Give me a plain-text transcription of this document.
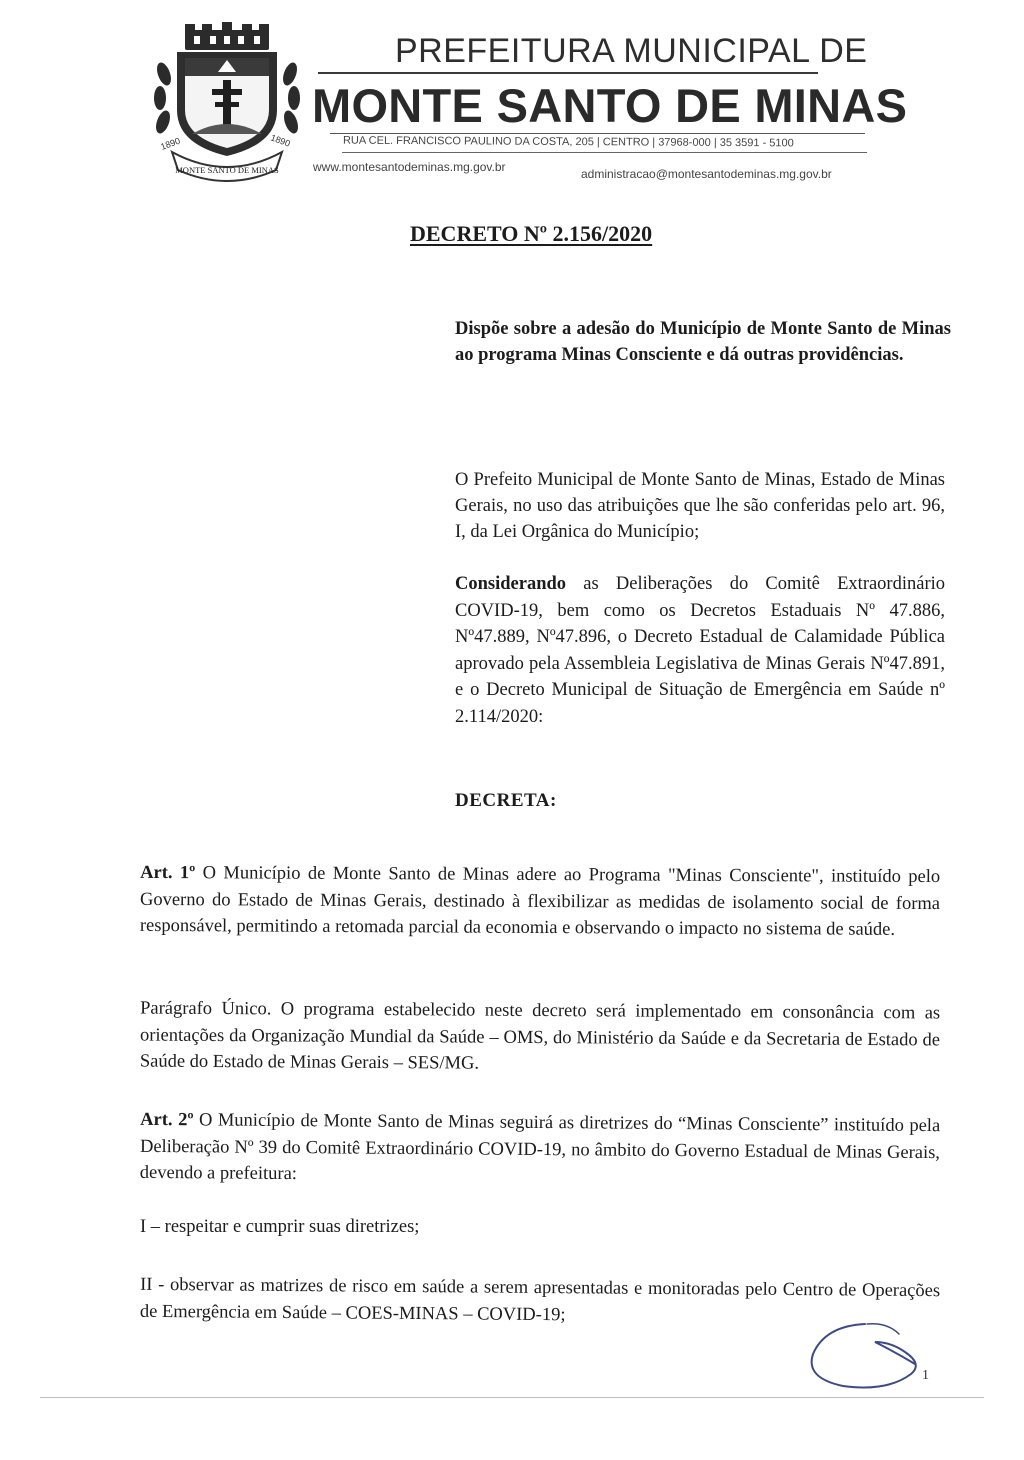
1890	1890
MONTE SANTO DE MINAS
PREFEITURA MUNICIPAL DE
MONTE SANTO DE MINAS
RUA CEL. FRANCISCO PAULINO DA COSTA, 205 | CENTRO | 37968-000 | 35 3591 - 5100
www.montesantodeminas.mg.gov.br	administracao@montesantodeminas.mg.gov.br
DECRETO Nº 2.156/2020
Dispõe sobre a adesão do Município de Monte Santo de Minas ao programa Minas Consciente e dá outras providências.

O Prefeito Municipal de Monte Santo de Minas, Estado de Minas Gerais, no uso das atribuições que lhe são conferidas pelo art. 96, I, da Lei Orgânica do Município;

Considerando as Deliberações do Comitê Extraordinário COVID-19, bem como os Decretos Estaduais Nº 47.886, Nº47.889, Nº47.896, o Decreto Estadual de Calamidade Pública aprovado pela Assembleia Legislativa de Minas Gerais Nº47.891, e o Decreto Municipal de Situação de Emergência em Saúde nº 2.114/2020:

DECRETA:

Art. 1º O Município de Monte Santo de Minas adere ao Programa "Minas Consciente", instituído pelo Governo do Estado de Minas Gerais, destinado à flexibilizar as medidas de isolamento social de forma responsável, permitindo a retomada parcial da economia e observando o impacto no sistema de saúde.

Parágrafo Único. O programa estabelecido neste decreto será implementado em consonância com as orientações da Organização Mundial da Saúde – OMS, do Ministério da Saúde e da Secretaria de Estado de Saúde do Estado de Minas Gerais – SES/MG.

Art. 2º O Município de Monte Santo de Minas seguirá as diretrizes do “Minas Consciente” instituído pela Deliberação Nº 39 do Comitê Extraordinário COVID-19, no âmbito do Governo Estadual de Minas Gerais, devendo a prefeitura:

I – respeitar e cumprir suas diretrizes;

II - observar as matrizes de risco em saúde a serem apresentadas e monitoradas pelo Centro de Operações de Emergência em Saúde – COES-MINAS – COVID-19;

1
